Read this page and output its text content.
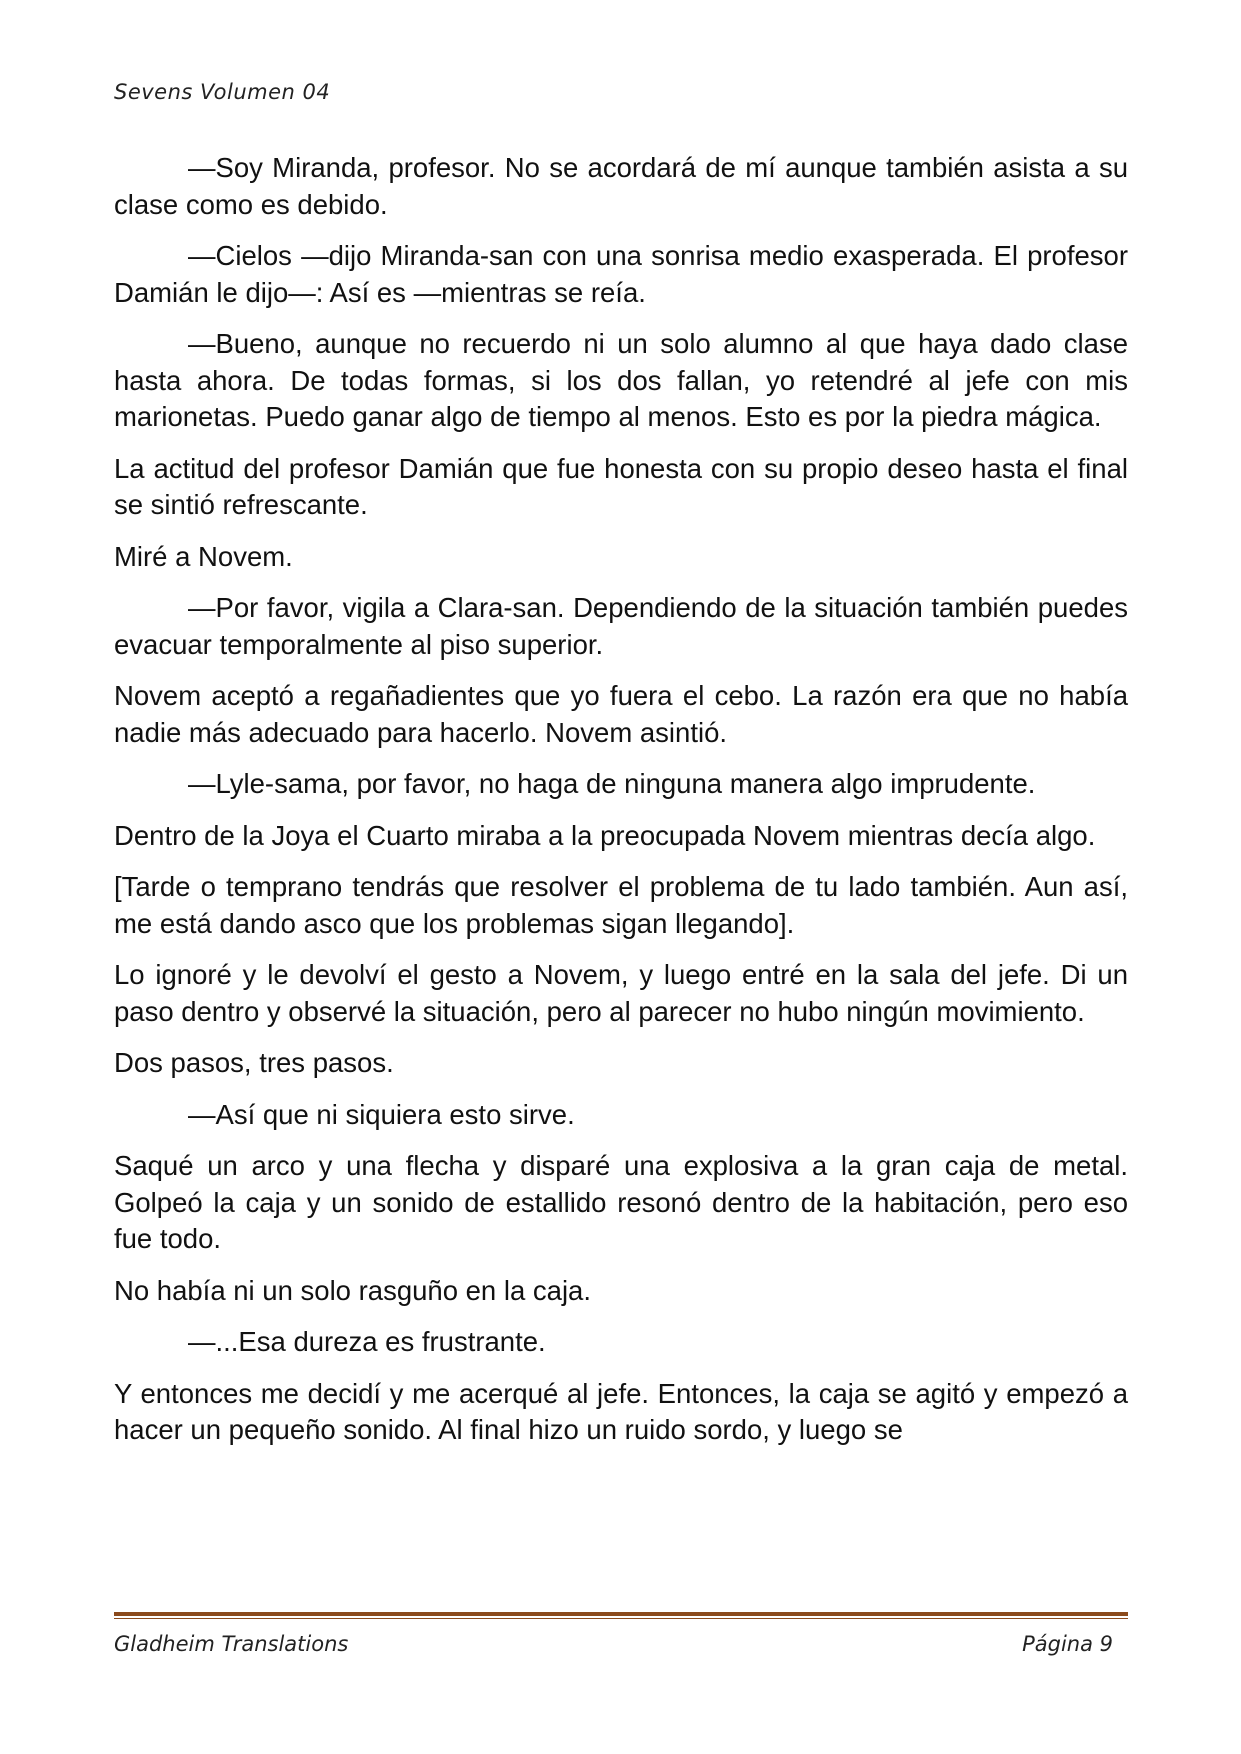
Sevens Volumen 04

—Soy Miranda, profesor. No se acordará de mí aunque también asista a su clase como es debido.

—Cielos —dijo Miranda-san con una sonrisa medio exasperada. El profesor Damián le dijo—: Así es —mientras se reía.

—Bueno, aunque no recuerdo ni un solo alumno al que haya dado clase hasta ahora. De todas formas, si los dos fallan, yo retendré al jefe con mis marionetas. Puedo ganar algo de tiempo al menos. Esto es por la piedra mágica.

La actitud del profesor Damián que fue honesta con su propio deseo hasta el final se sintió refrescante.

Miré a Novem.

—Por favor, vigila a Clara-san. Dependiendo de la situación también puedes evacuar temporalmente al piso superior.

Novem aceptó a regañadientes que yo fuera el cebo. La razón era que no había nadie más adecuado para hacerlo. Novem asintió.

—Lyle-sama, por favor, no haga de ninguna manera algo imprudente.

Dentro de la Joya el Cuarto miraba a la preocupada Novem mientras decía algo.

[Tarde o temprano tendrás que resolver el problema de tu lado también. Aun así, me está dando asco que los problemas sigan llegando].

Lo ignoré y le devolví el gesto a Novem, y luego entré en la sala del jefe. Di un paso dentro y observé la situación, pero al parecer no hubo ningún movimiento.

Dos pasos, tres pasos.

—Así que ni siquiera esto sirve.

Saqué un arco y una flecha y disparé una explosiva a la gran caja de metal. Golpeó la caja y un sonido de estallido resonó dentro de la habitación, pero eso fue todo.

No había ni un solo rasguño en la caja.

—...Esa dureza es frustrante.

Y entonces me decidí y me acerqué al jefe. Entonces, la caja se agitó y empezó a hacer un pequeño sonido. Al final hizo un ruido sordo, y luego se

Gladheim Translations	Página 9
